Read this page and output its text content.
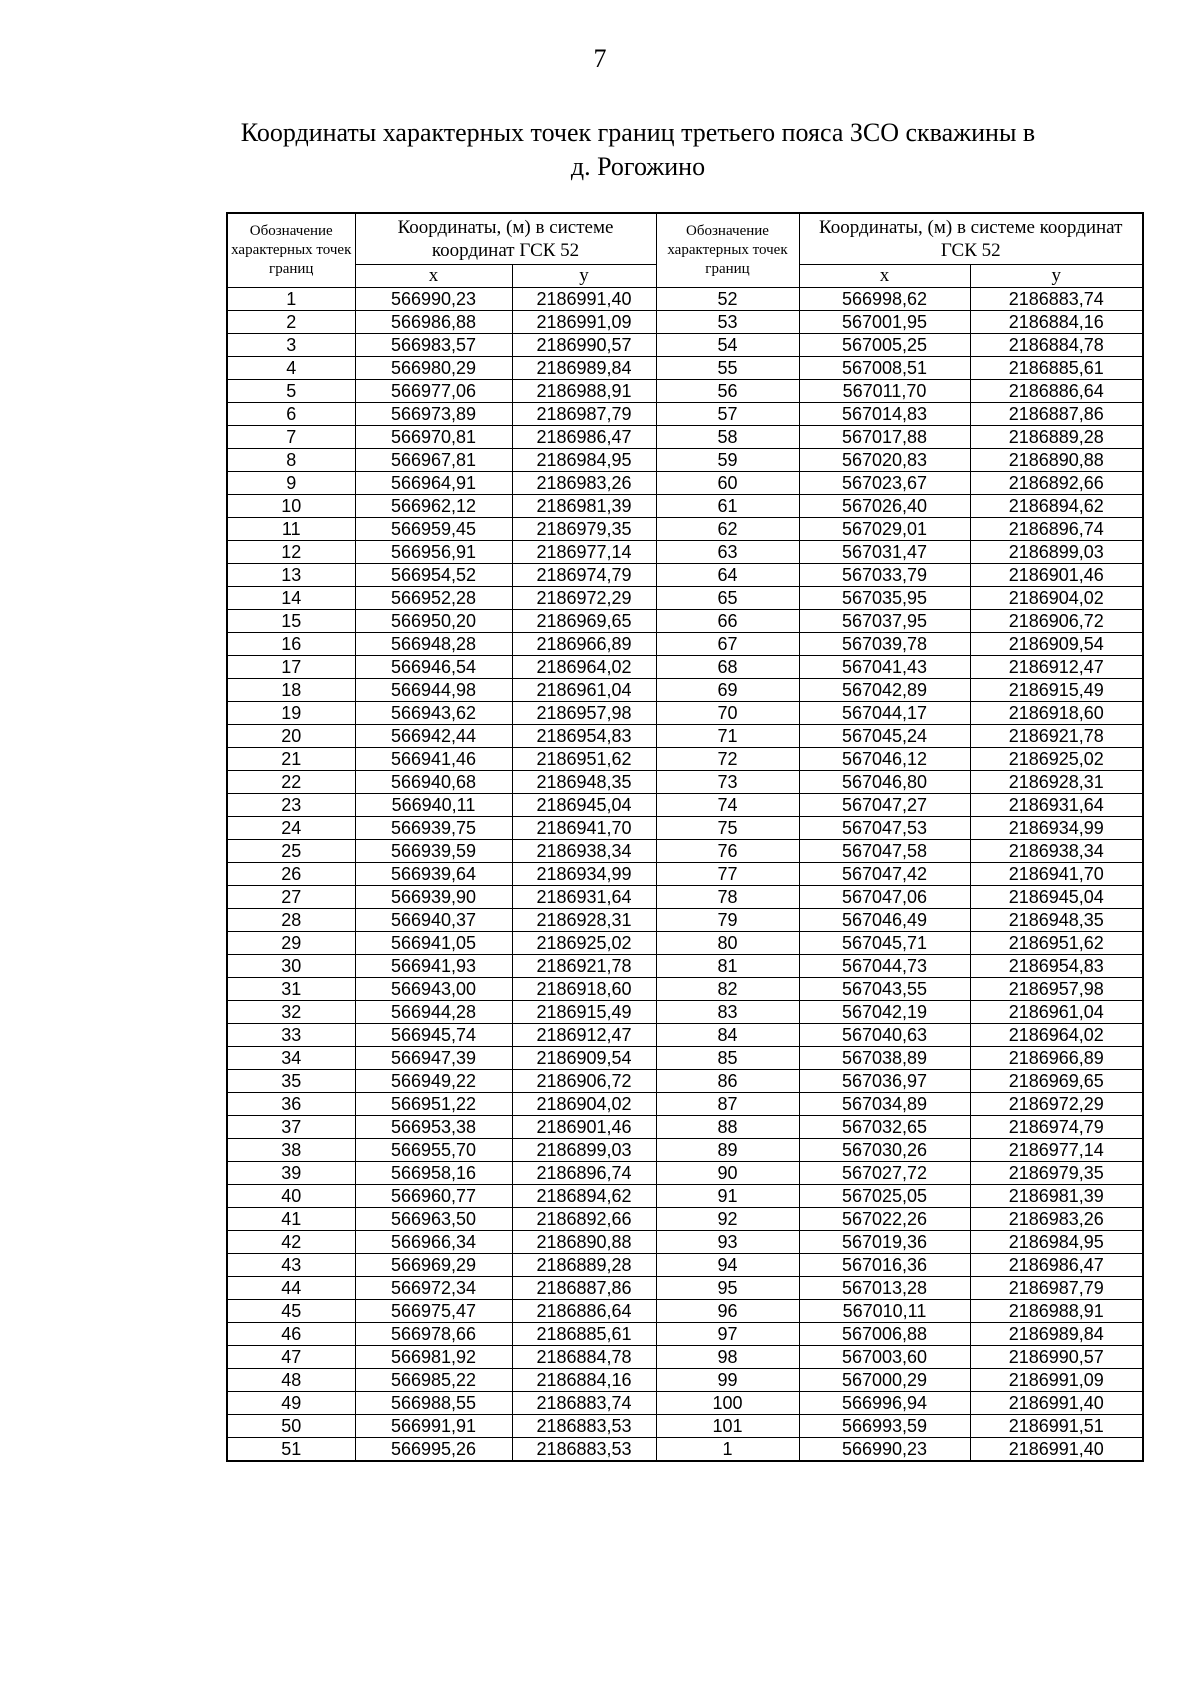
7
Координаты характерных точек границ третьего пояса ЗСО скважины в
д. Рогожино
Обозначение характерных точек границ	Координаты, (м) в системе координат ГСК 52		Обозначение характерных точек границ	Координаты, (м) в системе координат ГСК 52	
	x	y		x	y
1	566990,23	2186991,40	52	566998,62	2186883,74
2	566986,88	2186991,09	53	567001,95	2186884,16
3	566983,57	2186990,57	54	567005,25	2186884,78
4	566980,29	2186989,84	55	567008,51	2186885,61
5	566977,06	2186988,91	56	567011,70	2186886,64
6	566973,89	2186987,79	57	567014,83	2186887,86
7	566970,81	2186986,47	58	567017,88	2186889,28
8	566967,81	2186984,95	59	567020,83	2186890,88
9	566964,91	2186983,26	60	567023,67	2186892,66
10	566962,12	2186981,39	61	567026,40	2186894,62
11	566959,45	2186979,35	62	567029,01	2186896,74
12	566956,91	2186977,14	63	567031,47	2186899,03
13	566954,52	2186974,79	64	567033,79	2186901,46
14	566952,28	2186972,29	65	567035,95	2186904,02
15	566950,20	2186969,65	66	567037,95	2186906,72
16	566948,28	2186966,89	67	567039,78	2186909,54
17	566946,54	2186964,02	68	567041,43	2186912,47
18	566944,98	2186961,04	69	567042,89	2186915,49
19	566943,62	2186957,98	70	567044,17	2186918,60
20	566942,44	2186954,83	71	567045,24	2186921,78
21	566941,46	2186951,62	72	567046,12	2186925,02
22	566940,68	2186948,35	73	567046,80	2186928,31
23	566940,11	2186945,04	74	567047,27	2186931,64
24	566939,75	2186941,70	75	567047,53	2186934,99
25	566939,59	2186938,34	76	567047,58	2186938,34
26	566939,64	2186934,99	77	567047,42	2186941,70
27	566939,90	2186931,64	78	567047,06	2186945,04
28	566940,37	2186928,31	79	567046,49	2186948,35
29	566941,05	2186925,02	80	567045,71	2186951,62
30	566941,93	2186921,78	81	567044,73	2186954,83
31	566943,00	2186918,60	82	567043,55	2186957,98
32	566944,28	2186915,49	83	567042,19	2186961,04
33	566945,74	2186912,47	84	567040,63	2186964,02
34	566947,39	2186909,54	85	567038,89	2186966,89
35	566949,22	2186906,72	86	567036,97	2186969,65
36	566951,22	2186904,02	87	567034,89	2186972,29
37	566953,38	2186901,46	88	567032,65	2186974,79
38	566955,70	2186899,03	89	567030,26	2186977,14
39	566958,16	2186896,74	90	567027,72	2186979,35
40	566960,77	2186894,62	91	567025,05	2186981,39
41	566963,50	2186892,66	92	567022,26	2186983,26
42	566966,34	2186890,88	93	567019,36	2186984,95
43	566969,29	2186889,28	94	567016,36	2186986,47
44	566972,34	2186887,86	95	567013,28	2186987,79
45	566975,47	2186886,64	96	567010,11	2186988,91
46	566978,66	2186885,61	97	567006,88	2186989,84
47	566981,92	2186884,78	98	567003,60	2186990,57
48	566985,22	2186884,16	99	567000,29	2186991,09
49	566988,55	2186883,74	100	566996,94	2186991,40
50	566991,91	2186883,53	101	566993,59	2186991,51
51	566995,26	2186883,53	1	566990,23	2186991,40
